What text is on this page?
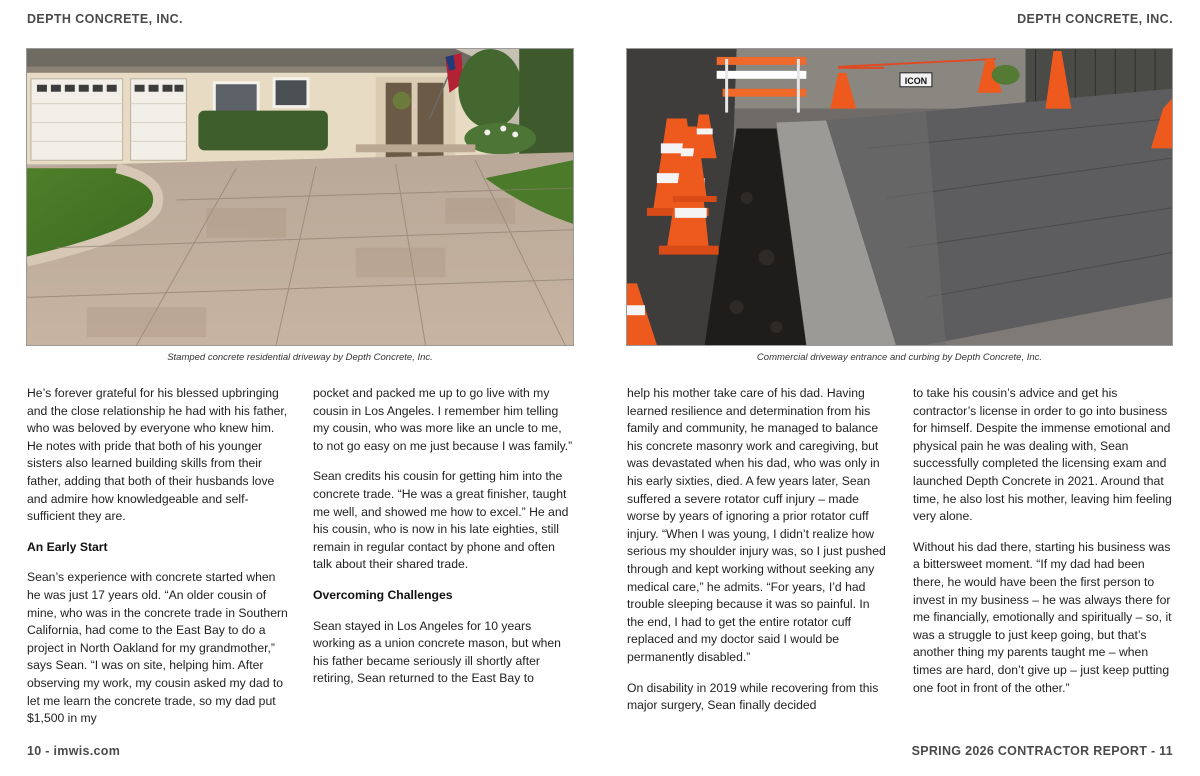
DEPTH CONCRETE, INC.	DEPTH CONCRETE, INC.
Stamped concrete residential driveway by Depth Concrete, Inc.
ICON
Commercial driveway entrance and curbing by Depth Concrete, Inc.

He’s forever grateful for his blessed upbringing and the close relationship he had with his father, who was beloved by everyone who knew him. He notes with pride that both of his younger sisters also learned building skills from their father, adding that both of their husbands love and admire how knowledgeable and self-sufficient they are.

An Early Start

Sean’s experience with concrete started when he was just 17 years old. “An older cousin of mine, who was in the concrete trade in Southern California, had come to the East Bay to do a project in North Oakland for my grandmother,” says Sean. “I was on site, helping him. After observing my work, my cousin asked my dad to let me learn the concrete trade, so my dad put $1,500 in my

pocket and packed me up to go live with my cousin in Los Angeles. I remember him telling my cousin, who was more like an uncle to me, to not go easy on me just because I was family.”

Sean credits his cousin for getting him into the concrete trade. “He was a great finisher, taught me well, and showed me how to excel.” He and his cousin, who is now in his late eighties, still remain in regular contact by phone and often talk about their shared trade.

Overcoming Challenges

Sean stayed in Los Angeles for 10 years working as a union concrete mason, but when his father became seriously ill shortly after retiring, Sean returned to the East Bay to

help his mother take care of his dad. Having learned resilience and determination from his family and community, he managed to balance his concrete masonry work and caregiving, but was devastated when his dad, who was only in his early sixties, died. A few years later, Sean suffered a severe rotator cuff injury – made worse by years of ignoring a prior rotator cuff injury. “When I was young, I didn’t realize how serious my shoulder injury was, so I just pushed through and kept working without seeking any medical care,” he admits. “For years, I’d had trouble sleeping because it was so painful. In the end, I had to get the entire rotator cuff replaced and my doctor said I would be permanently disabled.”

On disability in 2019 while recovering from this major surgery, Sean finally decided

to take his cousin’s advice and get his contractor’s license in order to go into business for himself. Despite the immense emotional and physical pain he was dealing with, Sean successfully completed the licensing exam and launched Depth Concrete in 2021. Around that time, he also lost his mother, leaving him feeling very alone.

Without his dad there, starting his business was a bittersweet moment. “If my dad had been there, he would have been the first person to invest in my business – he was always there for me financially, emotionally and spiritually – so, it was a struggle to just keep going, but that’s another thing my parents taught me – when times are hard, don’t give up – just keep putting one foot in front of the other.”

10 - imwis.com	SPRING 2026 CONTRACTOR REPORT - 11
